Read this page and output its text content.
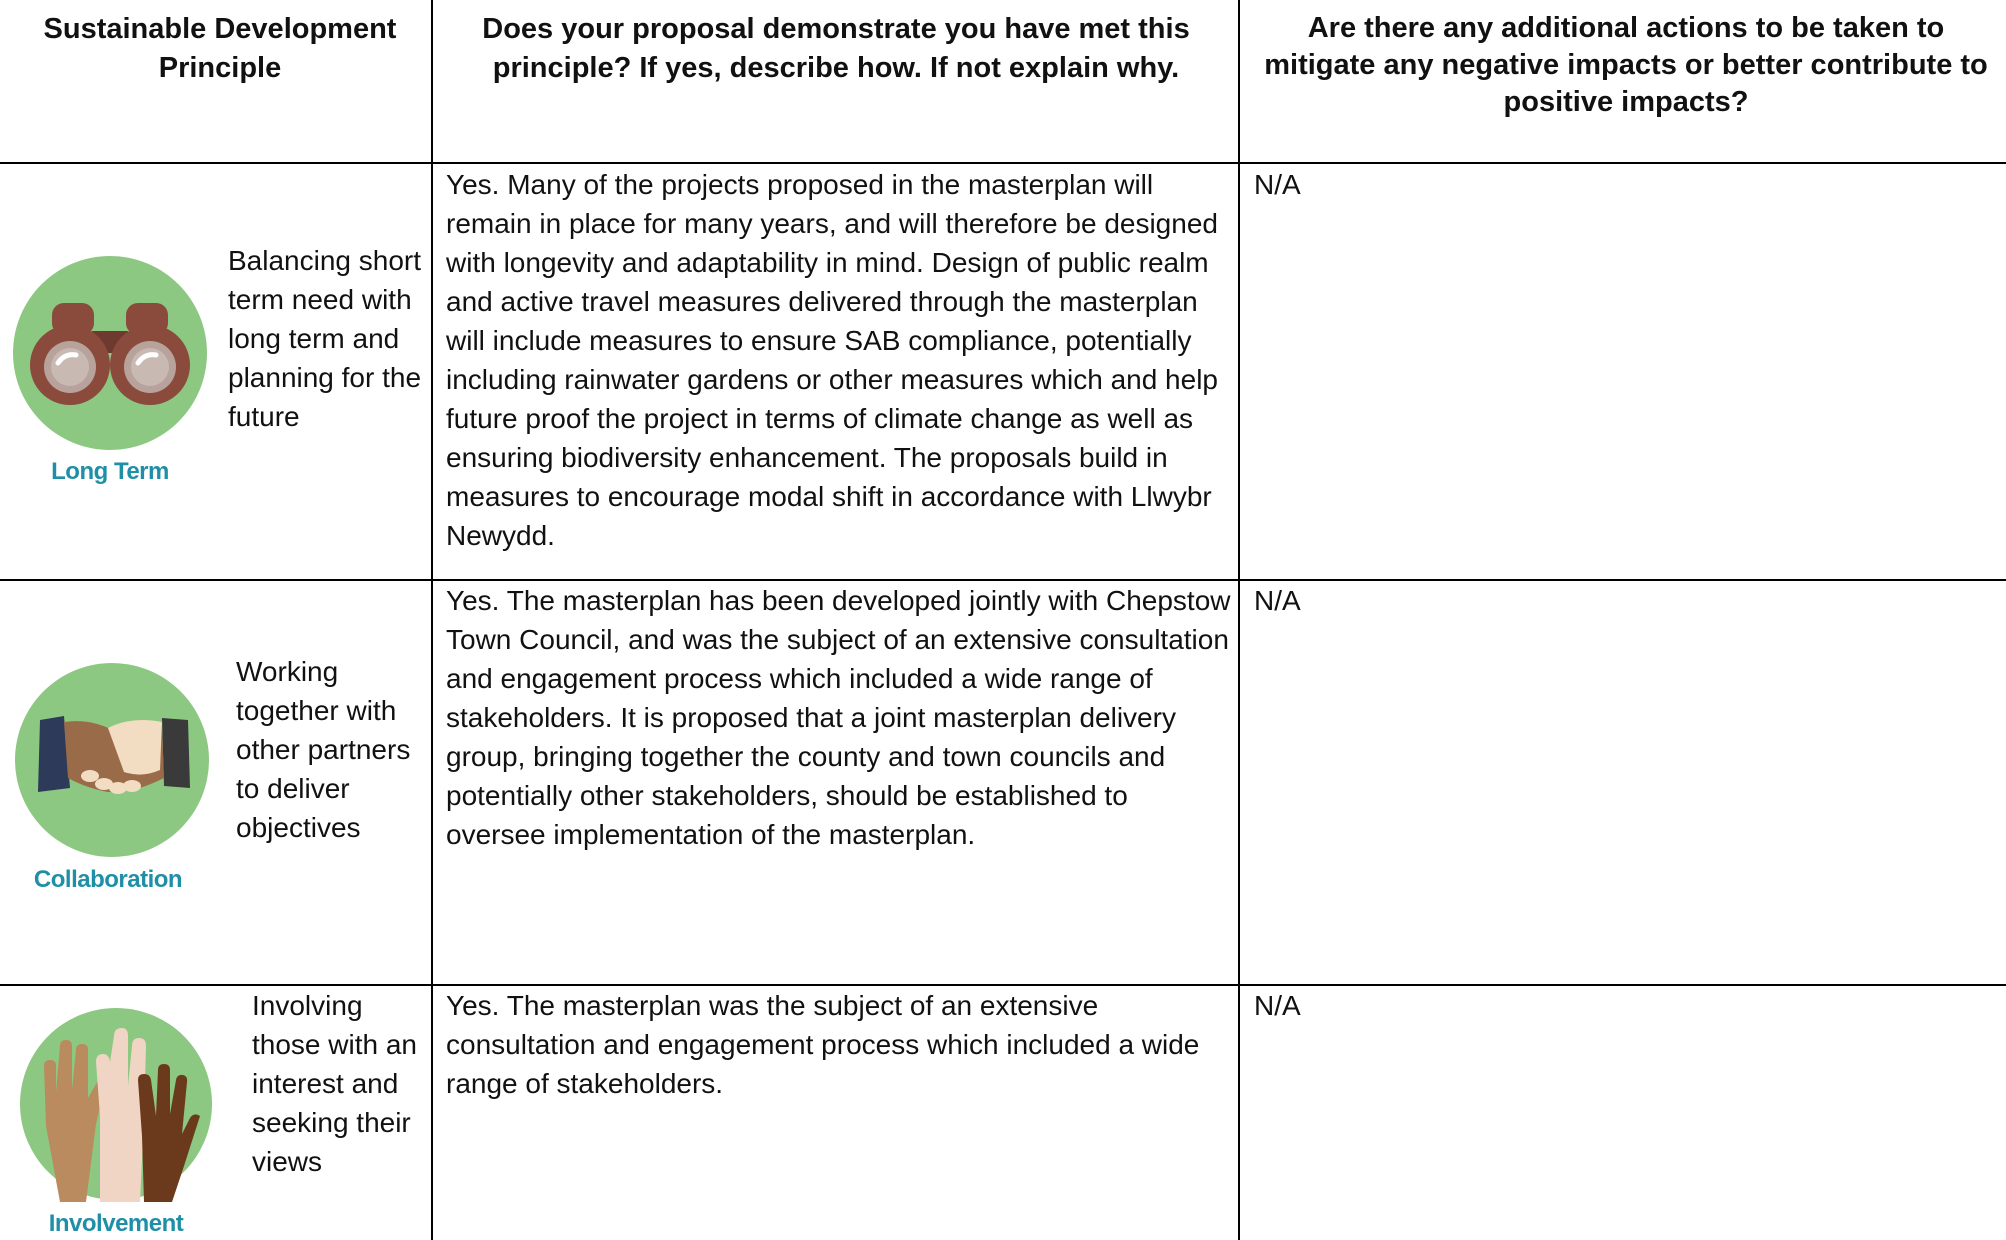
Sustainable Development Principle
Does your proposal demonstrate you have met this principle? If yes, describe how. If not explain why.
Are there any additional actions to be taken to mitigate any negative impacts or better contribute to positive impacts?
Long Term
Balancing short term need with long term and planning for the future
Yes. Many of the projects proposed in the masterplan will remain in place for many years, and will therefore be designed with longevity and adaptability in mind. Design of public realm and active travel measures delivered through the masterplan will include measures to ensure SAB compliance, potentially including rainwater gardens or other measures which and help future proof the project in terms of climate change as well as ensuring biodiversity enhancement. The proposals build in measures to encourage modal shift in accordance with Llwybr Newydd.
N/A
Collaboration
Working together with other partners to deliver objectives
Yes. The masterplan has been developed jointly with Chepstow Town Council, and was the subject of an extensive consultation and engagement process which included a wide range of stakeholders. It is proposed that a joint masterplan delivery group, bringing together the county and town councils and potentially other stakeholders, should be established to oversee implementation of the masterplan.
N/A
Involvement
Involving those with an interest and seeking their views
Yes. The masterplan was the subject of an extensive consultation and engagement process which included a wide range of stakeholders.
N/A
